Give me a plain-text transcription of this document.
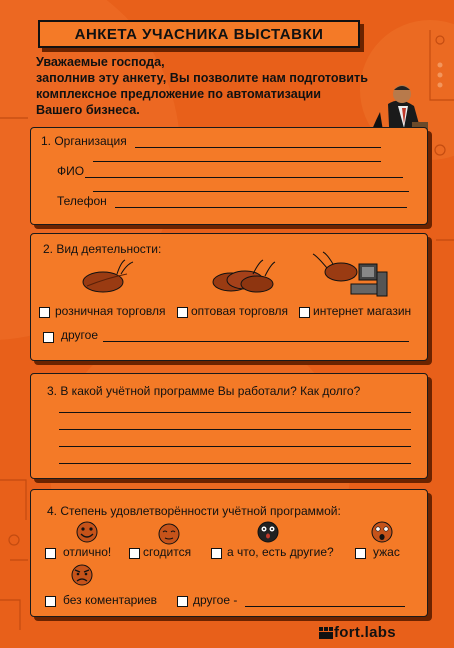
АНКЕТА УЧАСНИКА ВЫСТАВКИ
Уважаемые господа,
заполнив эту анкету, Вы позволите нам подготовить
комплексное предложение по автоматизации
Вашего бизнеса.
1. Организация
ФИО
Телефон
2. Вид деятельности:
розничная торговля оптовая торговля интернет магазин
другое
3. В какой учётной программе Вы работали? Как долго?
4. Степень удовлетворённости учётной программой:
отлично!	сгодится	а что, есть другие?	ужас
без коментариев	другое -
fort.labs
